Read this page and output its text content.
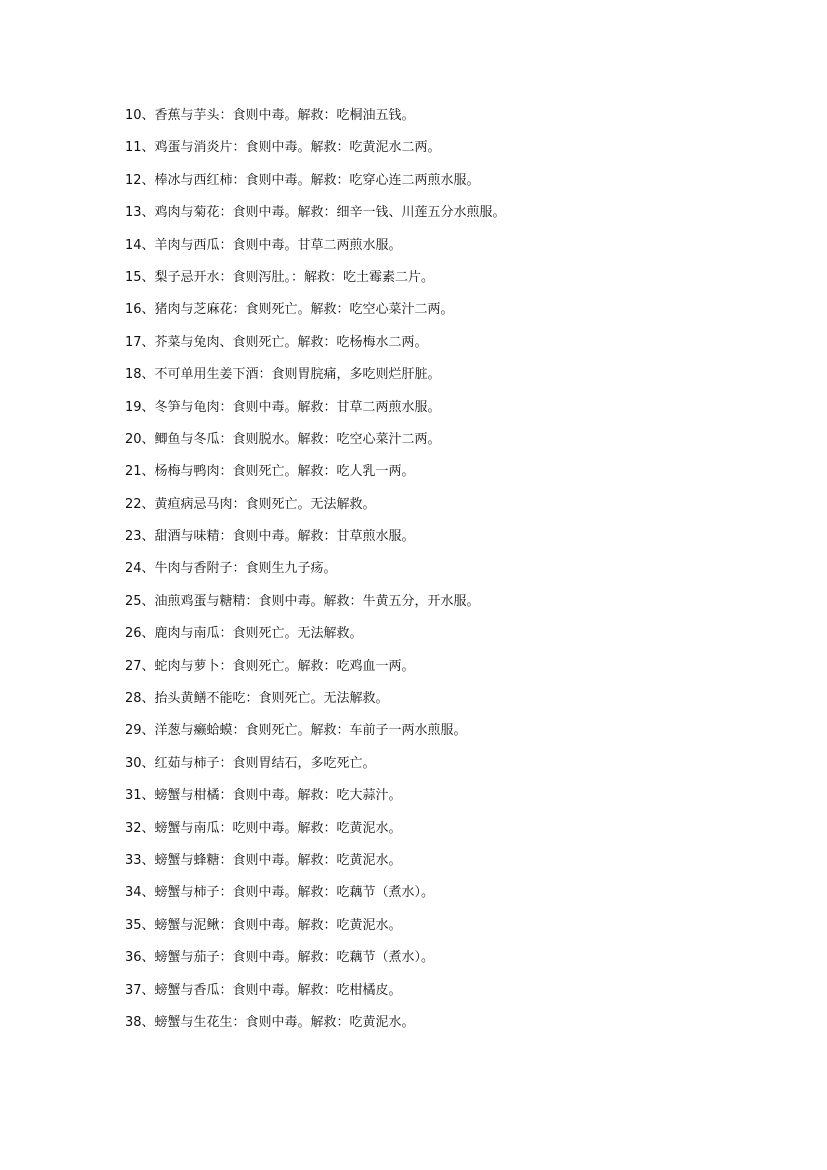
10、香蕉与芋头：食则中毒。解救：吃桐油五钱。
11、鸡蛋与消炎片：食则中毒。解救：吃黄泥水二两。
12、棒冰与西红柿：食则中毒。解救：吃穿心连二两煎水服。
13、鸡肉与菊花：食则中毒。解救：细辛一钱、川莲五分水煎服。
14、羊肉与西瓜：食则中毒。甘草二两煎水服。
15、梨子忌开水：食则泻肚。：解救：吃土霉素二片。
16、猪肉与芝麻花：食则死亡。解救：吃空心菜汁二两。
17、芥菜与兔肉、食则死亡。解救：吃杨梅水二两。
18、不可单用生姜下酒：食则胃脘痛，多吃则烂肝脏。
19、冬笋与龟肉：食则中毒。解救：甘草二两煎水服。
20、鲫鱼与冬瓜：食则脱水。解救：吃空心菜汁二两。
21、杨梅与鸭肉：食则死亡。解救：吃人乳一两。
22、黄疸病忌马肉：食则死亡。无法解救。
23、甜酒与味精：食则中毒。解救：甘草煎水服。
24、牛肉与香附子：食则生九子疡。
25、油煎鸡蛋与糖精：食则中毒。解救：牛黄五分，开水服。
26、鹿肉与南瓜：食则死亡。无法解救。
27、蛇肉与萝卜：食则死亡。解救：吃鸡血一两。
28、抬头黄鳝不能吃：食则死亡。无法解救。
29、洋葱与癞蛤蟆：食则死亡。解救：车前子一两水煎服。
30、红茹与柿子：食则胃结石，多吃死亡。
31、螃蟹与柑橘：食则中毒。解救：吃大蒜汁。
32、螃蟹与南瓜：吃则中毒。解救：吃黄泥水。
33、螃蟹与蜂糖：食则中毒。解救：吃黄泥水。
34、螃蟹与柿子：食则中毒。解救：吃藕节（煮水）。
35、螃蟹与泥鳅：食则中毒。解救：吃黄泥水。
36、螃蟹与茄子：食则中毒。解救：吃藕节（煮水）。
37、螃蟹与香瓜：食则中毒。解救：吃柑橘皮。
38、螃蟹与生花生：食则中毒。解救：吃黄泥水。
